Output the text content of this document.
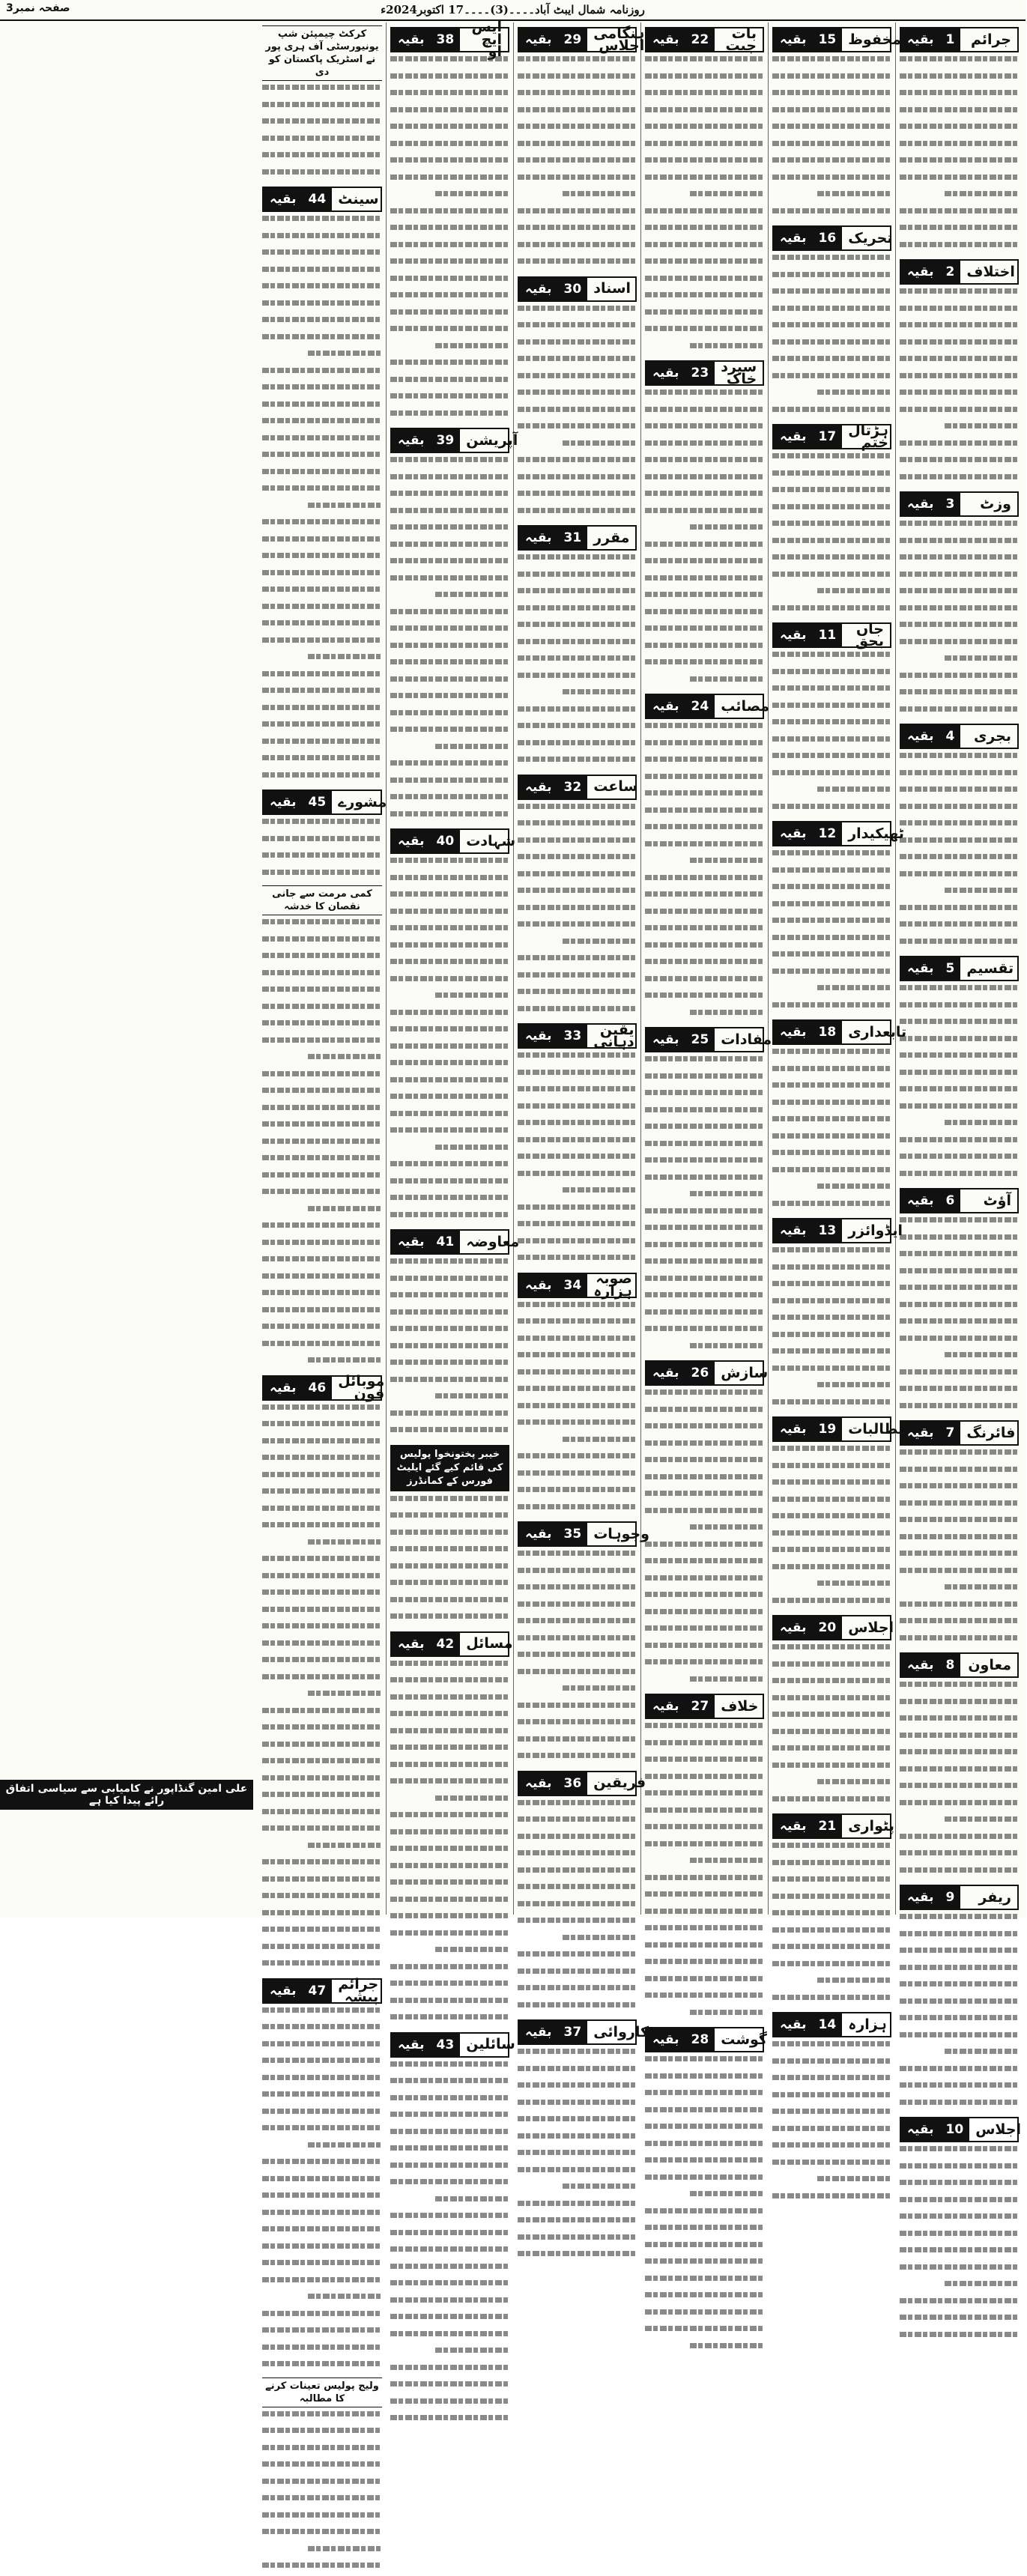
روزنامہ شمال ایبٹ آباد۔۔۔۔(3)۔۔۔۔17 اکتوبر2024ء
صفحہ نمبر3
بقیہ 1	جرائم
بقیہ 2 اختلاف
بقیہ 3	وزٹ
بقیہ 4	بجری
بقیہ 5 تقسیم
بقیہ 6	آؤٹ
بقیہ 7 فائرنگ
بقیہ 8 معاون
بقیہ 9	ریفر
بقیہ 10 اجلاس
بقیہ 15 مخفوظ
بقیہ 16 تحریک
بقیہ 17 ہڑتال ختم
بقیہ 11	جاں بحق
بقیہ 12 ٹھیکیدار
بقیہ 18 تابعداری
بقیہ 13 ایڈوائزر
بقیہ 19 مطالبات
بقیہ 20 اجلاس
بقیہ 21 پٹواری
بقیہ 14 ہزارہ
بقیہ 22	بات چیت
بقیہ 23 سپرد خاک
بقیہ 24 مصائب
بقیہ 25 مفادات
بقیہ 26 سازش
بقیہ 27 خلاف
بقیہ 28 گوشت
بقیہ 29 ہنگامی اجلاس
بقیہ 30 اسناد
بقیہ 31 مقرر
بقیہ 32 ساعت
بقیہ 33	یقین دہانی
بقیہ 34	صوبہ ہزارہ
بقیہ 35 وجوہات
بقیہ 36 فریقین
بقیہ 37 کاروائی
بقیہ 38
ایس ایچ او
بقیہ 39 آپریشن
بقیہ 40 شہادت
بقیہ 41 معاوضہ
خیبر پختونخوا پولیس کی قائم کیے گئے ایلیٹ فورس کے کمانڈرز
بقیہ 42 مسائل
بقیہ 43 سائلین
کرکٹ چیمپئن شپ یونیورسٹی آف ہری پور نے اسٹریک پاکستان کو دی
بقیہ 44 سینٹ
بقیہ 45 مشورے
کمی مرمت سے جانی نقصان کا خدشہ
بقیہ 46 موبائل فون
بقیہ 47 جرائم پیشہ
ولیج پولیس تعینات کرنے کا مطالبہ
علی امین گنڈاپور نے کامیابی سے سیاسی اتفاق رائے پیدا کیا ہے
